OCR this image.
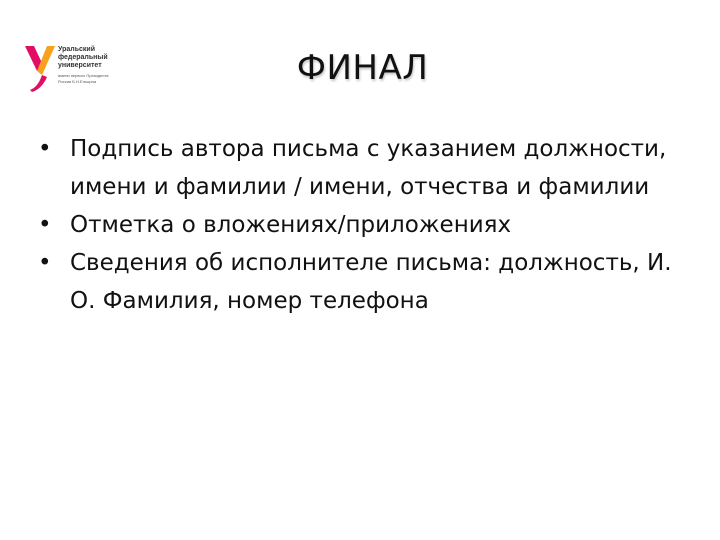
Уральский
федеральный
университет
имени первого Президента
России Б.Н.Ельцина	ФИНАЛ
• Подпись автора письма с указанием должности, имени и фамилии / имени, отчества и фамилии
• Отметка о вложениях/приложениях
• Сведения об исполнителе письма: должность, И. О. Фамилия, номер телефона
